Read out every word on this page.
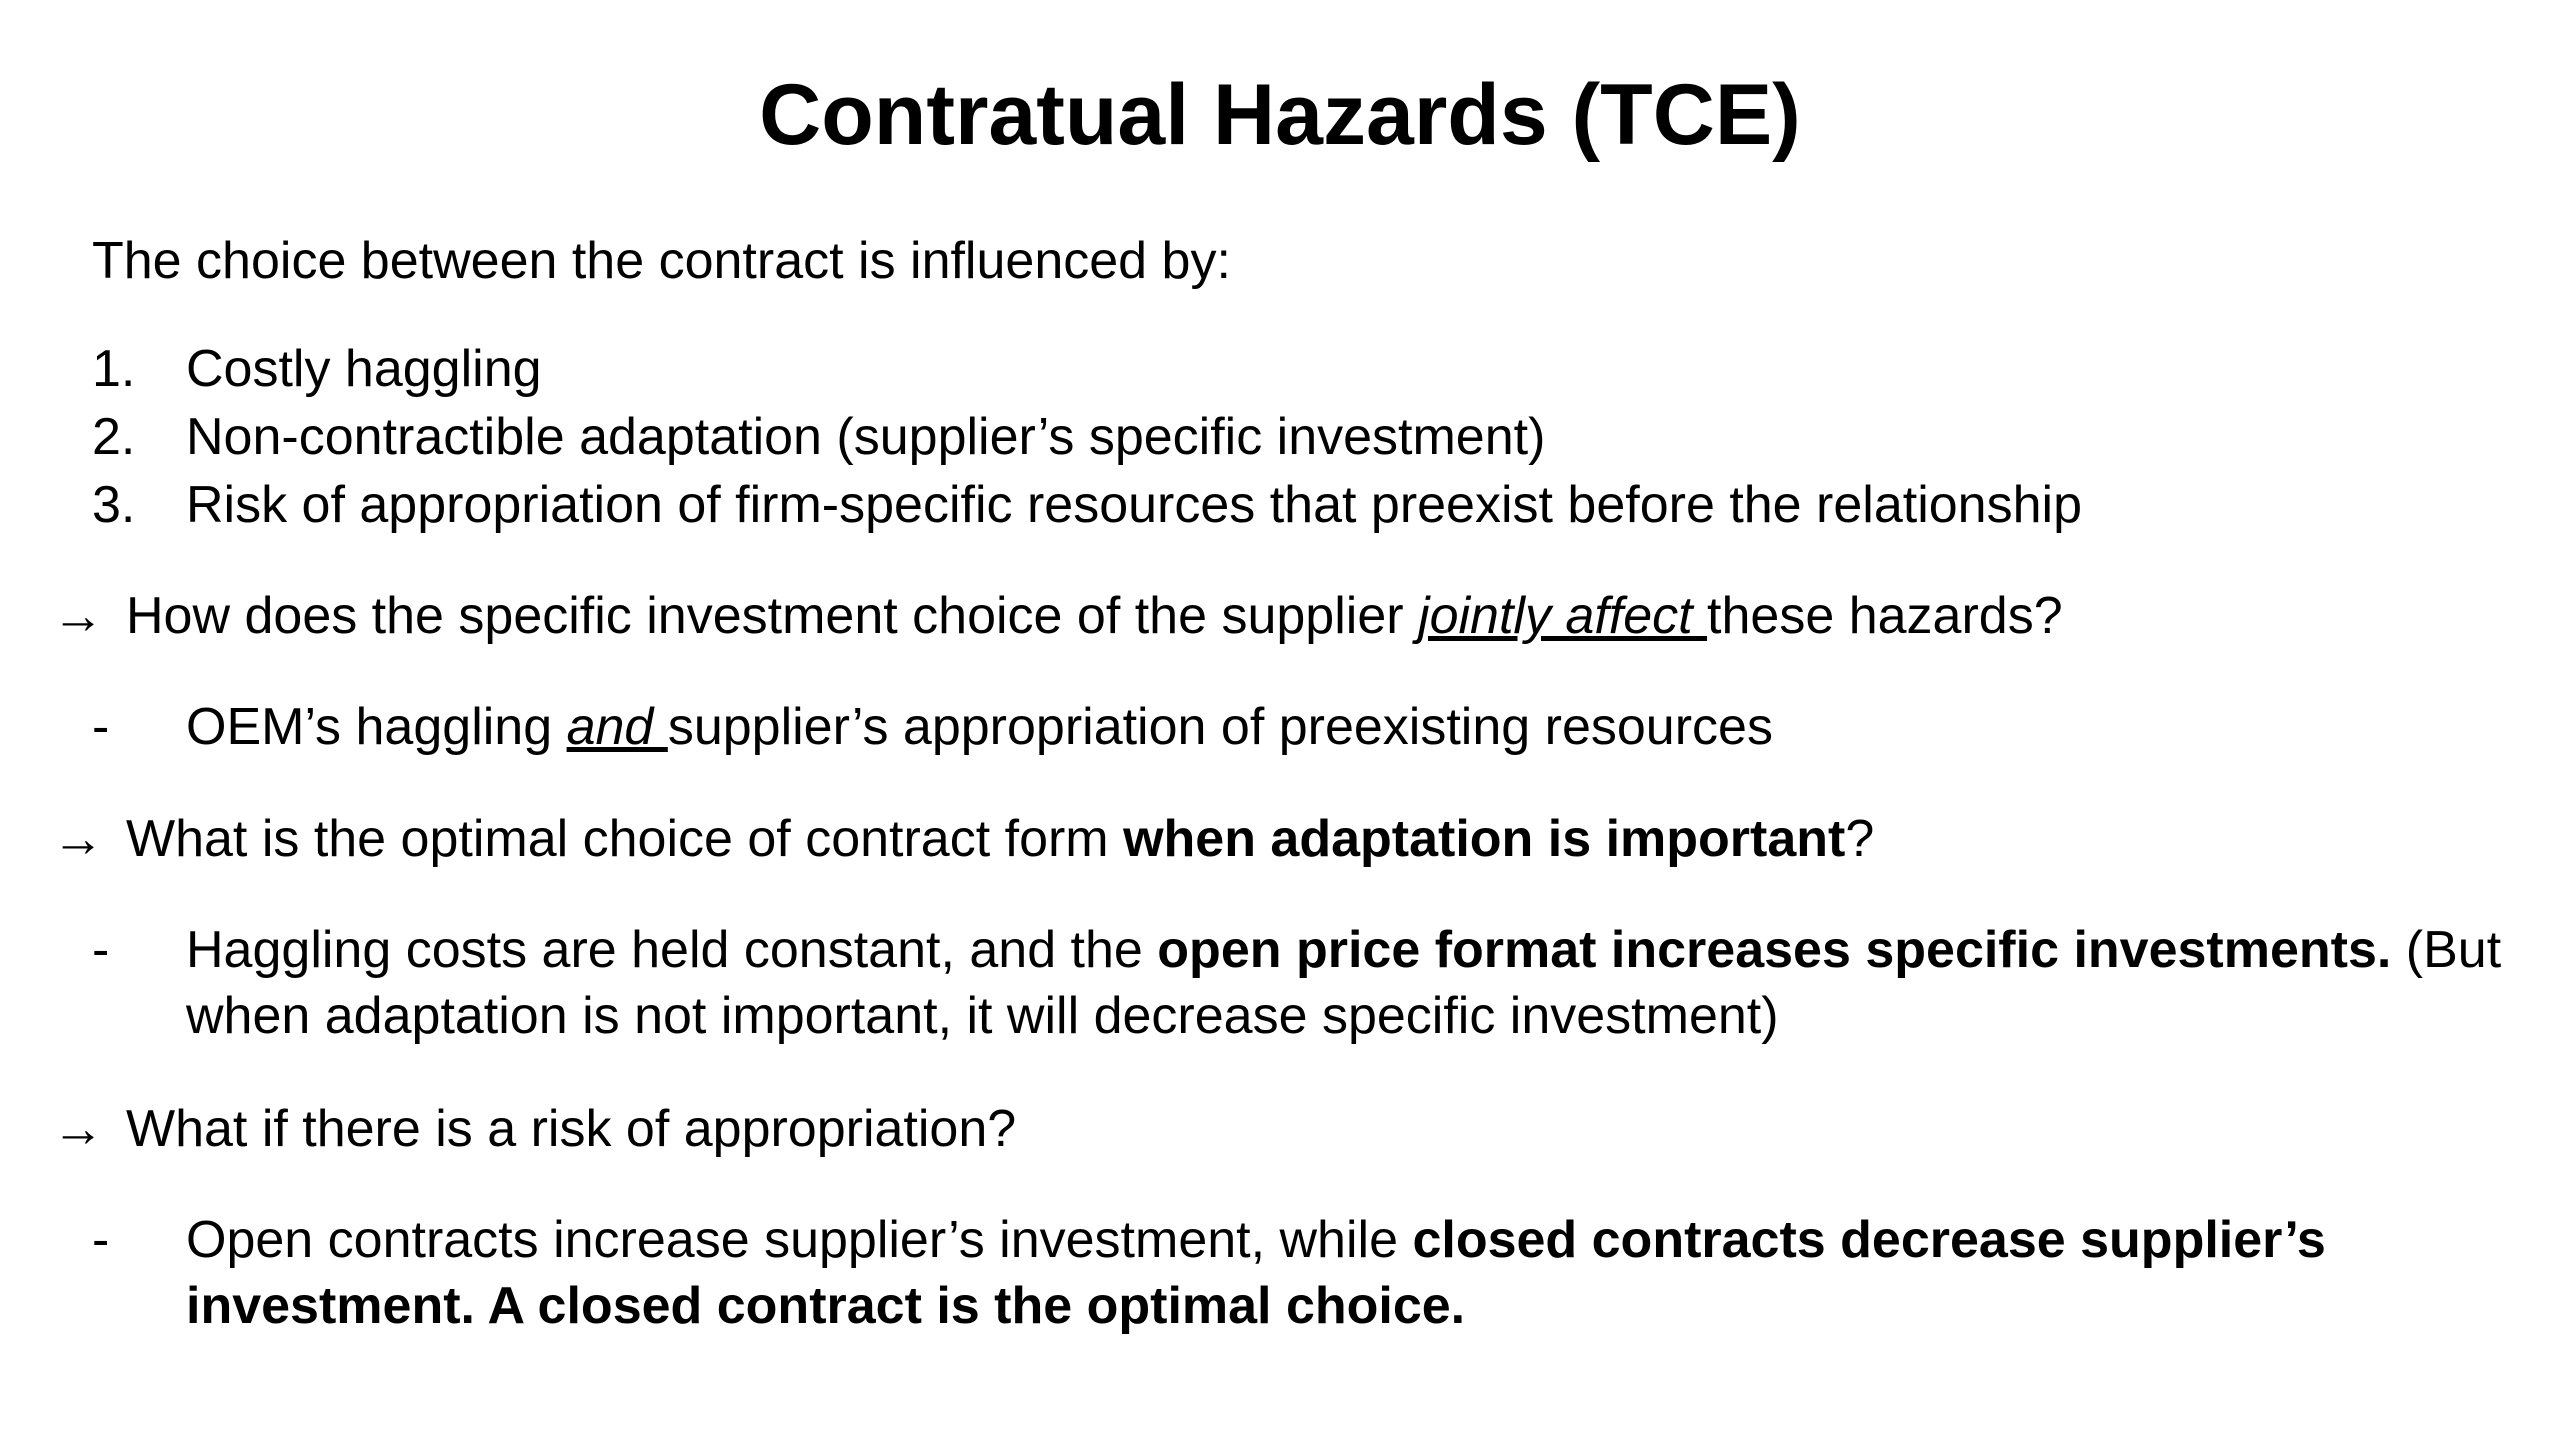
Contratual Hazards (TCE)
The choice between the contract is influenced by:
1. Costly haggling
2. Non-contractible adaptation (supplier’s specific investment)
3. Risk of appropriation of firm-specific resources that preexist before the relationship
→ How does the specific investment choice of the supplier jointly affect these hazards?
- OEM’s haggling and supplier’s appropriation of preexisting resources
→ What is the optimal choice of contract form when adaptation is important?
- Haggling costs are held constant, and the open price format increases specific investments. (But when adaptation is not important, it will decrease specific investment)
→ What if there is a risk of appropriation?
- Open contracts increase supplier’s investment, while closed contracts decrease supplier’s investment. A closed contract is the optimal choice.
